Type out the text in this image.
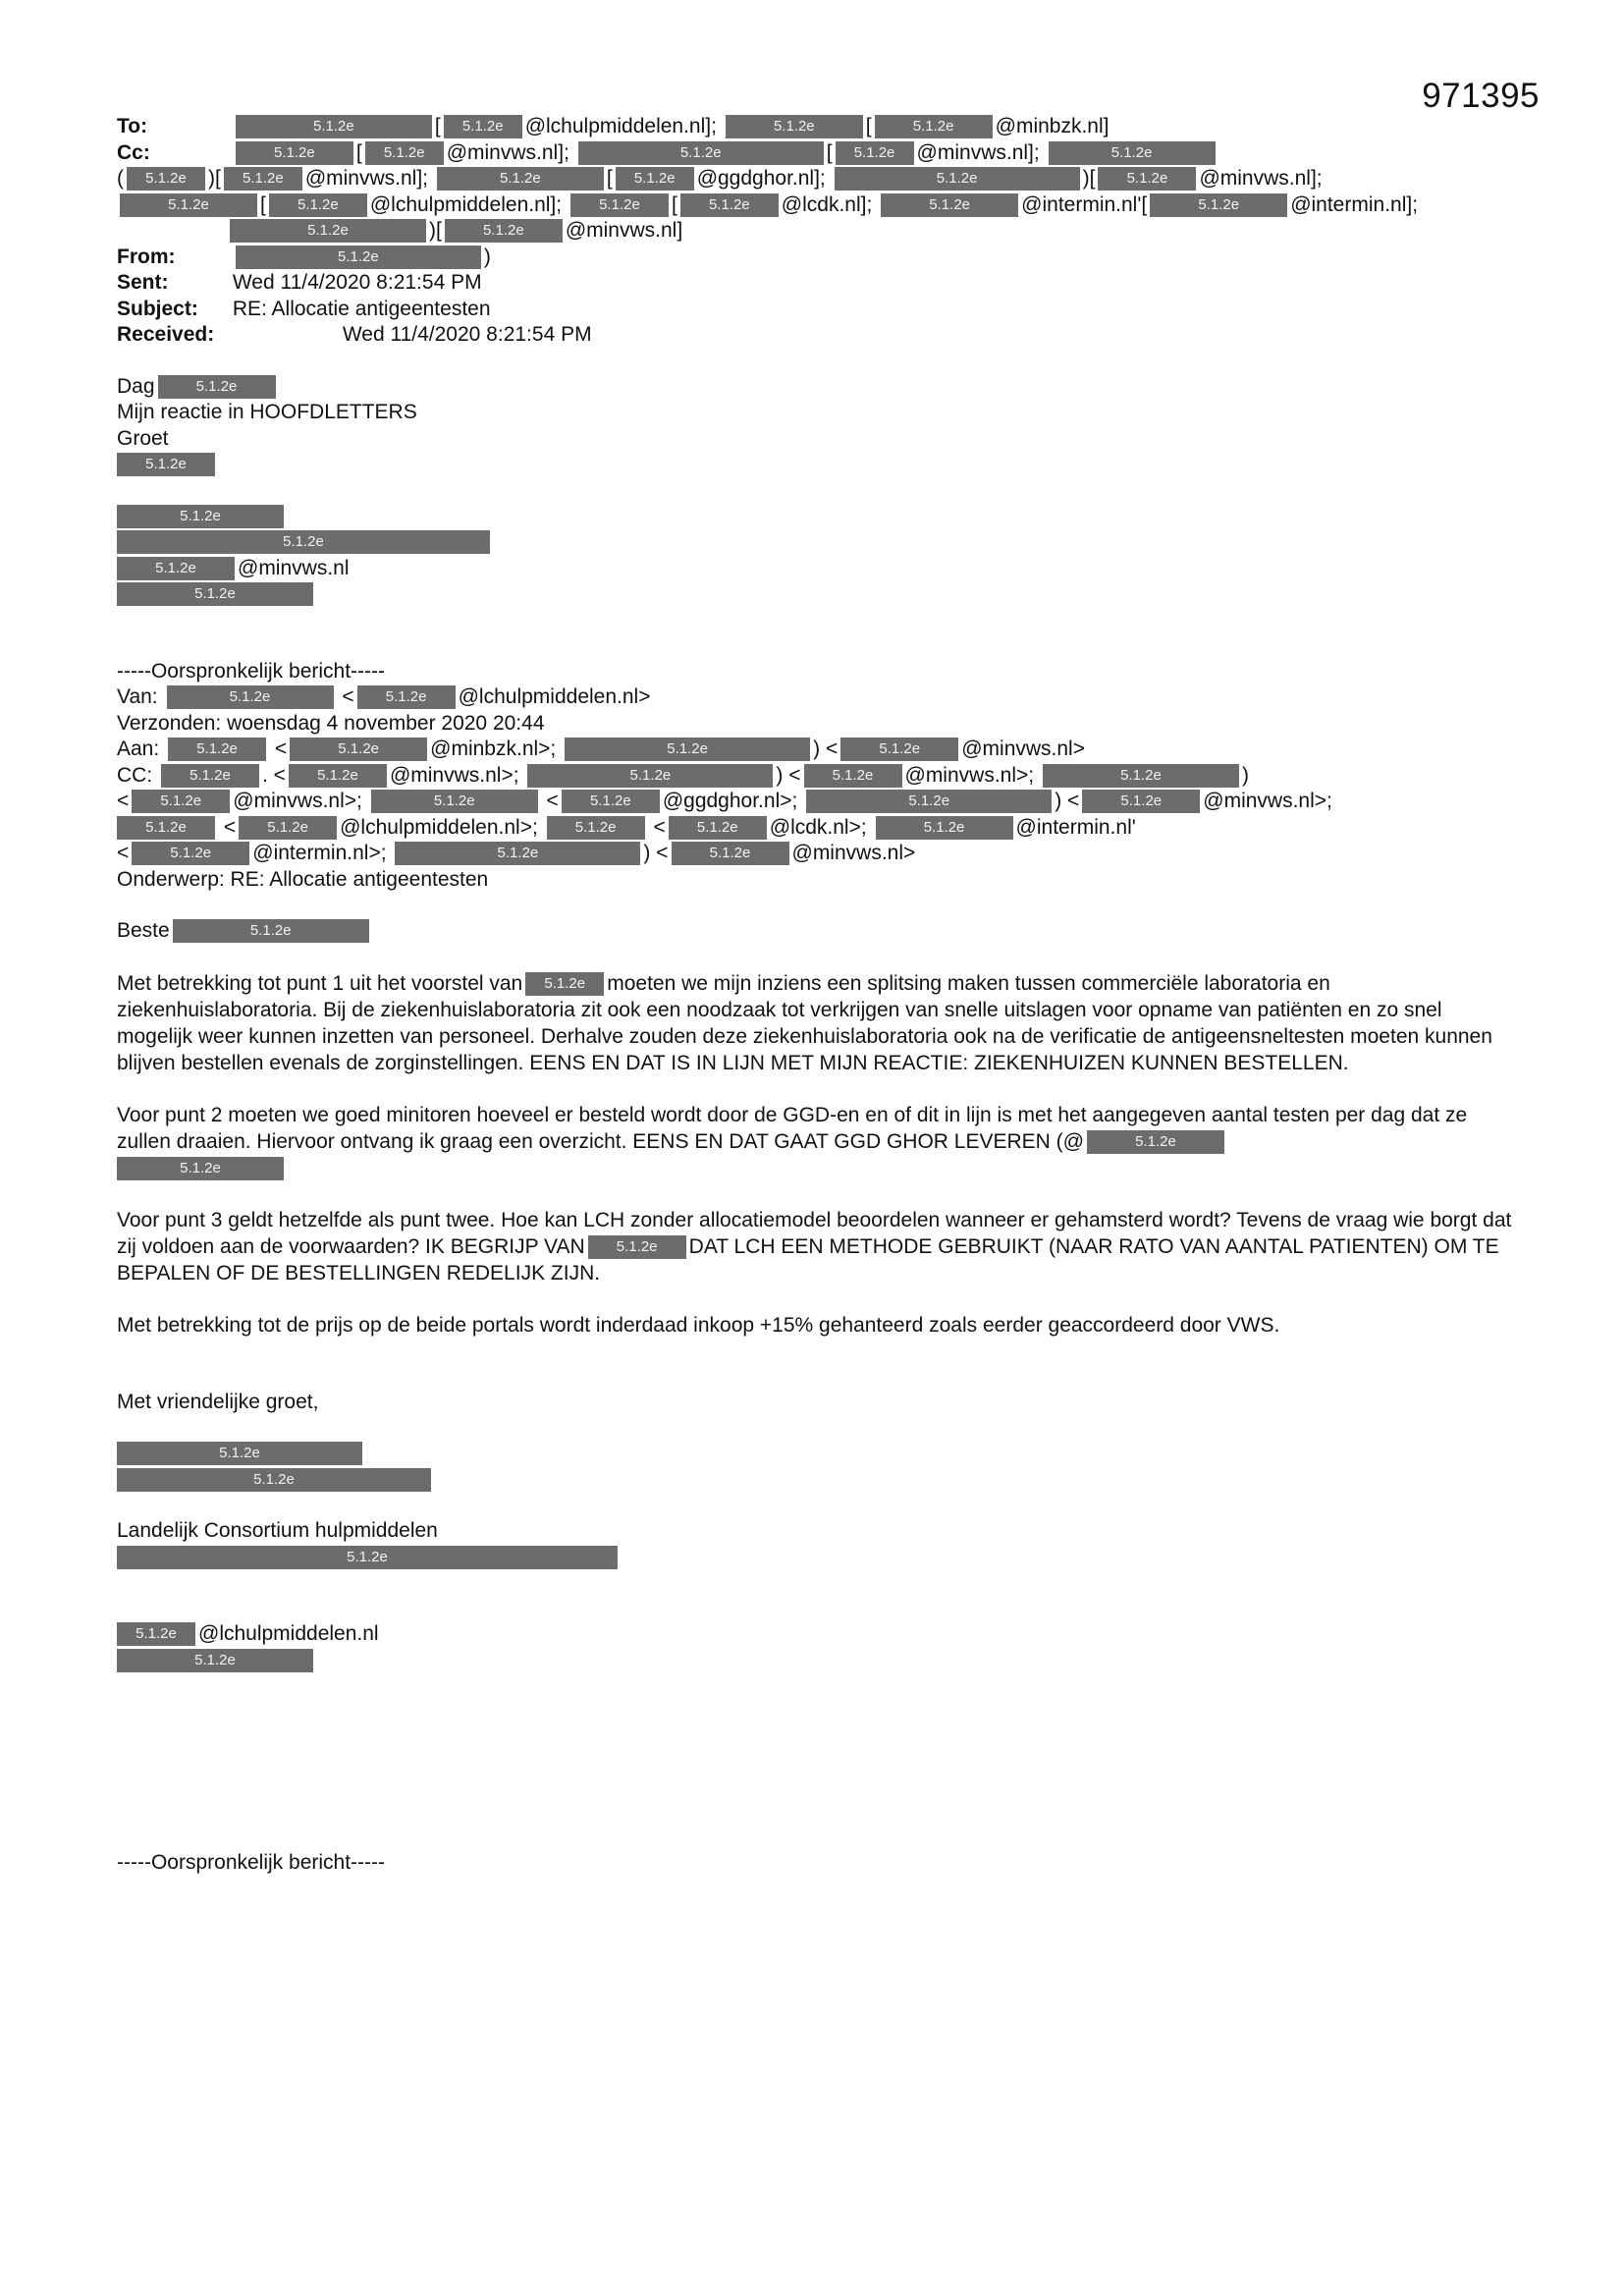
971395
To:	5.1.2e	[ 5.1.2e @lchulpmiddelen.nl];	5.1.2e [	5.1.2e @minbzk.nl]
Cc:	5.1.2e [ 5.1.2e @minvws.nl];	5.1.2e	[ 5.1.2e @minvws.nl];	5.1.2e
( 5.1.2e )[ 5.1.2e @minvws.nl];	5.1.2e	[ 5.1.2e @ggdghor.nl];	5.1.2e	)[ 5.1.2e @minvws.nl];
5.1.2e [ 5.1.2e @lchulpmiddelen.nl];	5.1.2e [ 5.1.2e @lcdk.nl];	5.1.2e @intermin.nl'[	5.1.2e @intermin.nl];
5.1.2e	)[	5.1.2e @minvws.nl]
From:	5.1.2e	)
Sent:	Wed 11/4/2020 8:21:54 PM
Subject: RE: Allocatie antigeentesten
Received:	Wed 11/4/2020 8:21:54 PM
Dag	5.1.2e
Mijn reactie in HOOFDLETTERS
Groet
5.1.2e
5.1.2e
5.1.2e
5.1.2e @minvws.nl
5.1.2e
-----Oorspronkelijk bericht-----
Van:	5.1.2e	< 5.1.2e @lchulpmiddelen.nl>
Verzonden: woensdag 4 november 2020 20:44
Aan:	5.1.2e <	5.1.2e @minbzk.nl>;	5.1.2e	) <	5.1.2e @minvws.nl>
CC:	5.1.2e . < 5.1.2e @minvws.nl>;	5.1.2e	) < 5.1.2e @minvws.nl>;	5.1.2e	)
< 5.1.2e @minvws.nl>;	5.1.2e	< 5.1.2e @ggdghor.nl>;	5.1.2e	) <	5.1.2e @minvws.nl>;
5.1.2e < 5.1.2e @lchulpmiddelen.nl>;	5.1.2e < 5.1.2e @lcdk.nl>;	5.1.2e @intermin.nl'
<	5.1.2e @intermin.nl>;	5.1.2e	) <	5.1.2e @minvws.nl>
Onderwerp: RE: Allocatie antigeentesten
Beste	5.1.2e
Met betrekking tot punt 1 uit het voorstel van 5.1.2e moeten we mijn inziens een splitsing maken tussen commerciële laboratoria en ziekenhuislaboratoria. Bij de ziekenhuislaboratoria zit ook een noodzaak tot verkrijgen van snelle uitslagen voor opname van patiënten en zo snel mogelijk weer kunnen inzetten van personeel. Derhalve zouden deze ziekenhuislaboratoria ook na de verificatie de antigeensneltesten moeten kunnen blijven bestellen evenals de zorginstellingen. EENS EN DAT IS IN LIJN MET MIJN REACTIE: ZIEKENHUIZEN KUNNEN BESTELLEN.
Voor punt 2 moeten we goed minitoren hoeveel er besteld wordt door de GGD-en en of dit in lijn is met het aangegeven aantal testen per dag dat ze zullen draaien. Hiervoor ontvang ik graag een overzicht. EENS EN DAT GAAT GGD GHOR LEVEREN (@	5.1.2e
5.1.2e
Voor punt 3 geldt hetzelfde als punt twee. Hoe kan LCH zonder allocatiemodel beoordelen wanneer er gehamsterd wordt? Tevens de vraag wie borgt dat zij voldoen aan de voorwaarden? IK BEGRIJP VAN 5.1.2e DAT LCH EEN METHODE GEBRUIKT (NAAR RATO VAN AANTAL PATIENTEN) OM TE BEPALEN OF DE BESTELLINGEN REDELIJK ZIJN.
Met betrekking tot de prijs op de beide portals wordt inderdaad inkoop +15% gehanteerd zoals eerder geaccordeerd door VWS.
Met vriendelijke groet,
5.1.2e
5.1.2e
Landelijk Consortium hulpmiddelen
5.1.2e
5.1.2e @lchulpmiddelen.nl
5.1.2e
-----Oorspronkelijk bericht-----
